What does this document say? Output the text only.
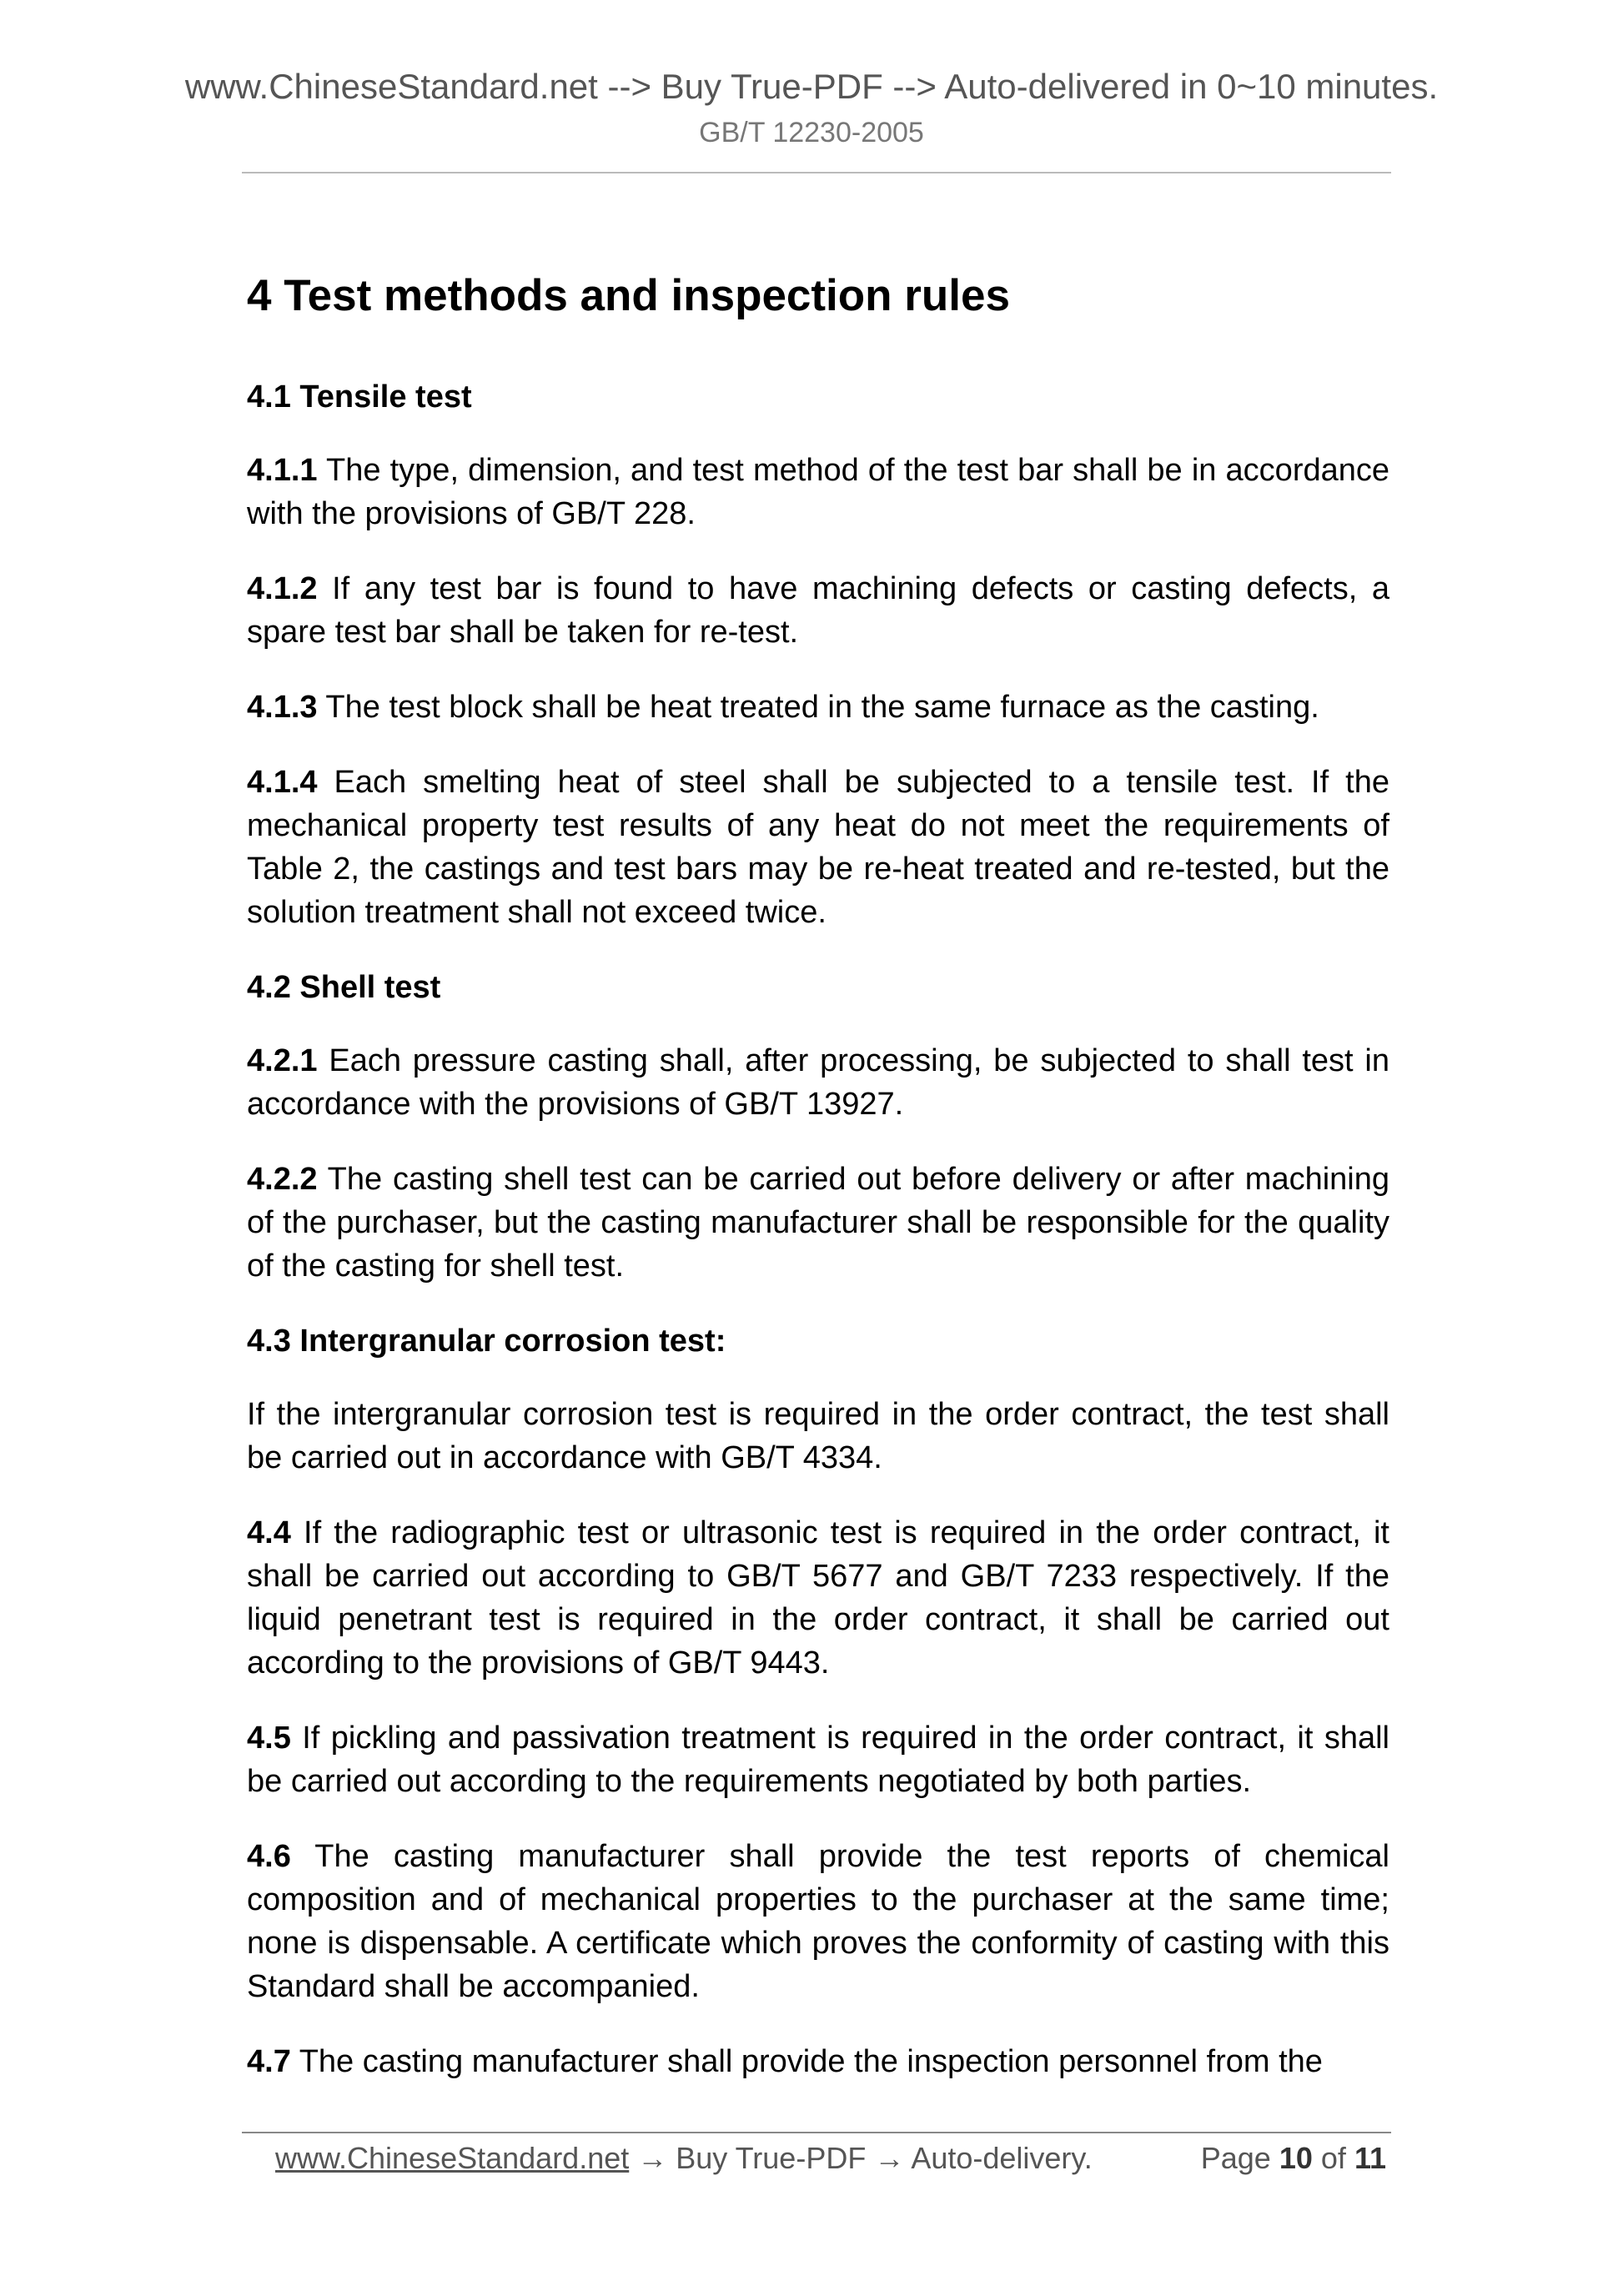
www.ChineseStandard.net --> Buy True-PDF --> Auto-delivered in 0~10 minutes.
GB/T 12230-2005
4 Test methods and inspection rules
4.1 Tensile test

4.1.1 The type, dimension, and test method of the test bar shall be in accordance with the provisions of GB/T 228.

4.1.2 If any test bar is found to have machining defects or casting defects, a spare test bar shall be taken for re-test.

4.1.3 The test block shall be heat treated in the same furnace as the casting.

4.1.4 Each smelting heat of steel shall be subjected to a tensile test. If the mechanical property test results of any heat do not meet the requirements of Table 2, the castings and test bars may be re-heat treated and re-tested, but the solution treatment shall not exceed twice.

4.2 Shell test

4.2.1 Each pressure casting shall, after processing, be subjected to shall test in accordance with the provisions of GB/T 13927.

4.2.2 The casting shell test can be carried out before delivery or after machining of the purchaser, but the casting manufacturer shall be responsible for the quality of the casting for shell test.

4.3 Intergranular corrosion test:

If the intergranular corrosion test is required in the order contract, the test shall be carried out in accordance with GB/T 4334.

4.4 If the radiographic test or ultrasonic test is required in the order contract, it shall be carried out according to GB/T 5677 and GB/T 7233 respectively. If the liquid penetrant test is required in the order contract, it shall be carried out according to the provisions of GB/T 9443.

4.5 If pickling and passivation treatment is required in the order contract, it shall be carried out according to the requirements negotiated by both parties.

4.6 The casting manufacturer shall provide the test reports of chemical composition and of mechanical properties to the purchaser at the same time; none is dispensable. A certificate which proves the conformity of casting with this Standard shall be accompanied.

4.7 The casting manufacturer shall provide the inspection personnel from the

www.ChineseStandard.net → Buy True-PDF → Auto-delivery.	Page 10 of 11
